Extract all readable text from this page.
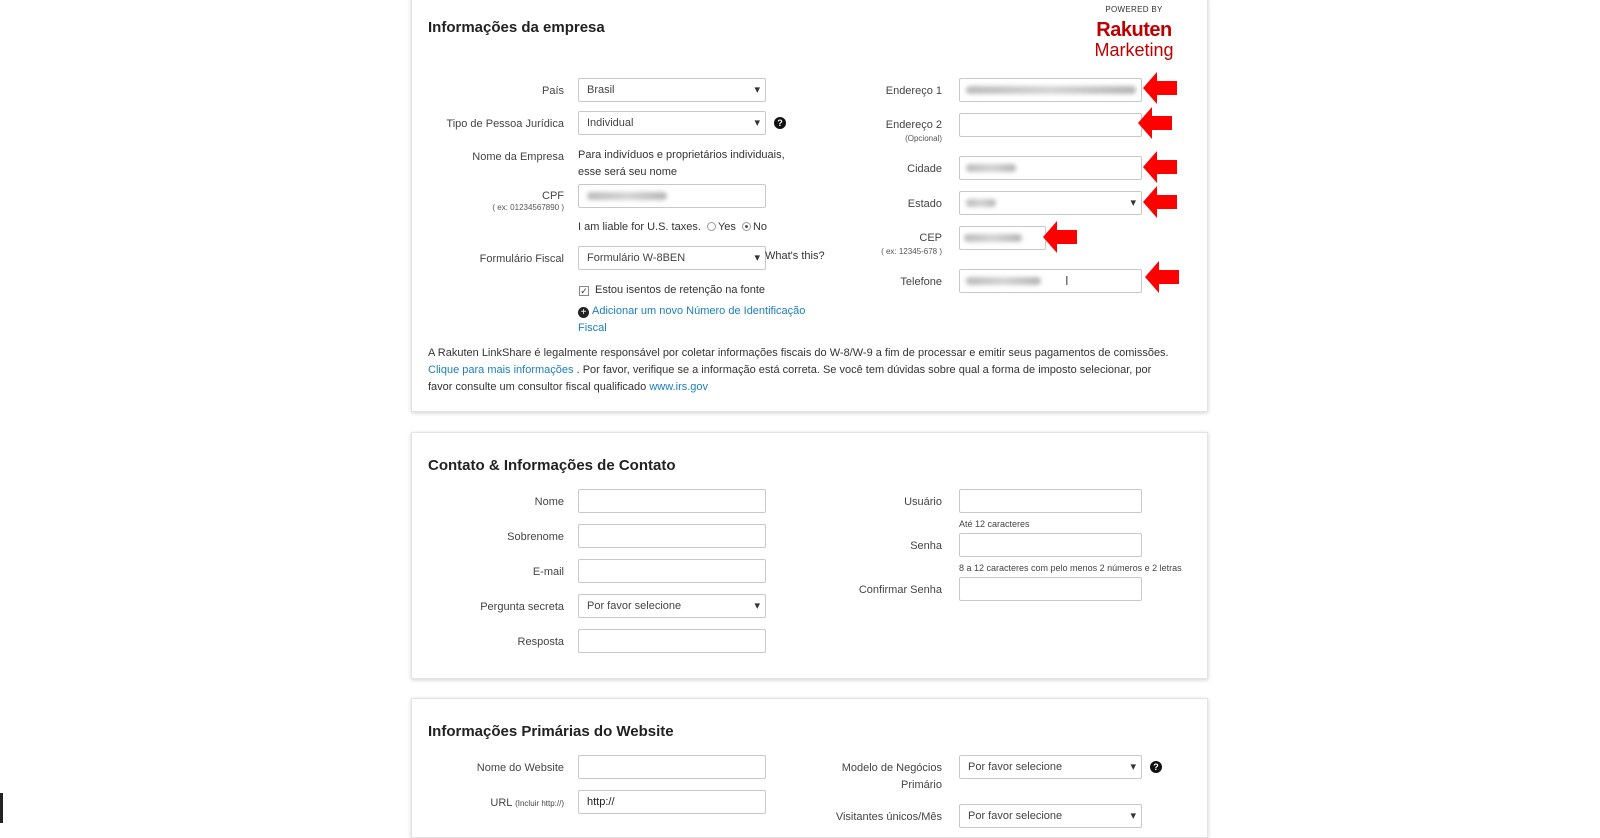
Informações da empresa
POWERED BY
Rakuten
Marketing
País	Brasil ▾
Tipo de Pessoa Jurídica	Individual ▾	?
Nome da Empresa Para indivíduos e proprietários individuais,
esse será seu nome
CPF
( ex: 01234567890 )
I am liable for U.S. taxes. Yes No
Formulário Fiscal	Formulário W-8BEN ▾	What's this?
✓ Estou isentos de retenção na fonte
+ Adicionar um novo Número de Identificação
Fiscal
Endereço 1
Endereço 2
(Opcional)
Cidade
Estado
▾
CEP
( ex: 12345-678 )
Telefone	I
A Rakuten LinkShare é legalmente responsável por coletar informações fiscais do W-8/W-9 a fim de processar e emitir seus pagamentos de comissões. Clique para mais informações . Por favor, verifique se a informação está correta. Se você tem dúvidas sobre qual a forma de imposto selecionar, por favor consulte um consultor fiscal qualificado www.irs.gov
Contato & Informações de Contato
Nome
Sobrenome
E-mail
Pergunta secreta	Por favor selecione ▾
Resposta
Usuário
Até 12 caracteres
Senha
8 a 12 caracteres com pelo menos 2 números e 2 letras
Confirmar Senha
Informações Primárias do Website
Nome do Website
URL (Incluir http://)	http://
Modelo de Negócios
Primário
Por favor selecione ▾	?
Visitantes únicos/Mês	Por favor selecione ▾
